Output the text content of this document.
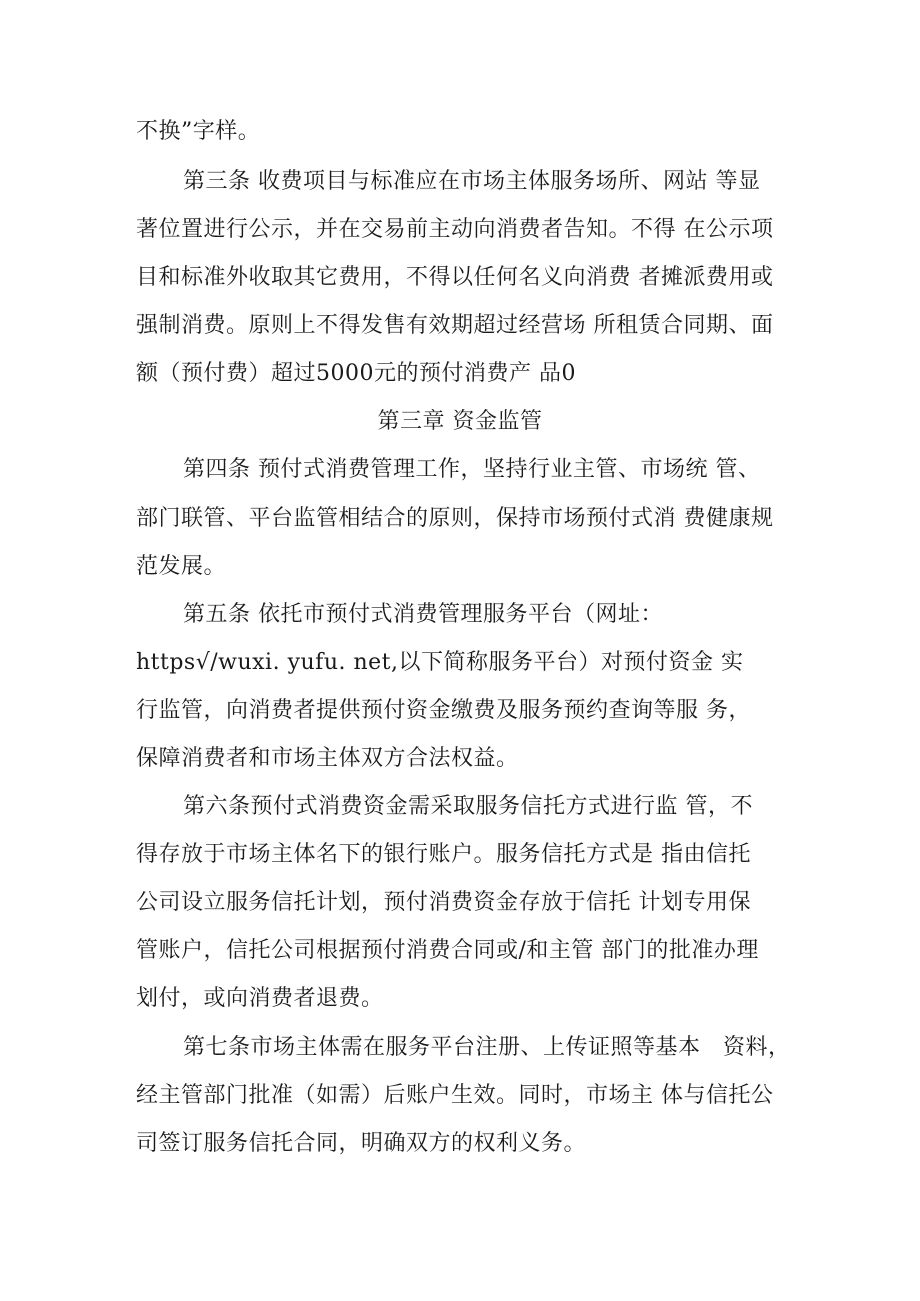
不换”字样。
第三条 收费项目与标准应在市场主体服务场所、网站 等显
著位置进行公示，并在交易前主动向消费者告知。不得 在公示项
目和标准外收取其它费用，不得以任何名义向消费 者摊派费用或
强制消费。原则上不得发售有效期超过经营场 所租赁合同期、面
额（预付费）超过5000元的预付消费产 品0
第三章 资金监管
第四条 预付式消费管理工作，坚持行业主管、市场统 管、
部门联管、平台监管相结合的原则，保持市场预付式消 费健康规
范发展。
第五条 依托市预付式消费管理服务平台（网址：
https√/wuxi. yufu. net,以下简称服务平台）对预付资金 实
行监管，向消费者提供预付资金缴费及服务预约查询等服 务，
保障消费者和市场主体双方合法权益。
第六条预付式消费资金需采取服务信托方式进行监 管，不
得存放于市场主体名下的银行账户。服务信托方式是 指由信托
公司设立服务信托计划，预付消费资金存放于信托 计划专用保
管账户，信托公司根据预付消费合同或/和主管 部门的批准办理
划付，或向消费者退费。
第七条市场主体需在服务平台注册、上传证照等基本   资料，
经主管部门批准（如需）后账户生效。同时，市场主 体与信托公
司签订服务信托合同，明确双方的权利义务。
